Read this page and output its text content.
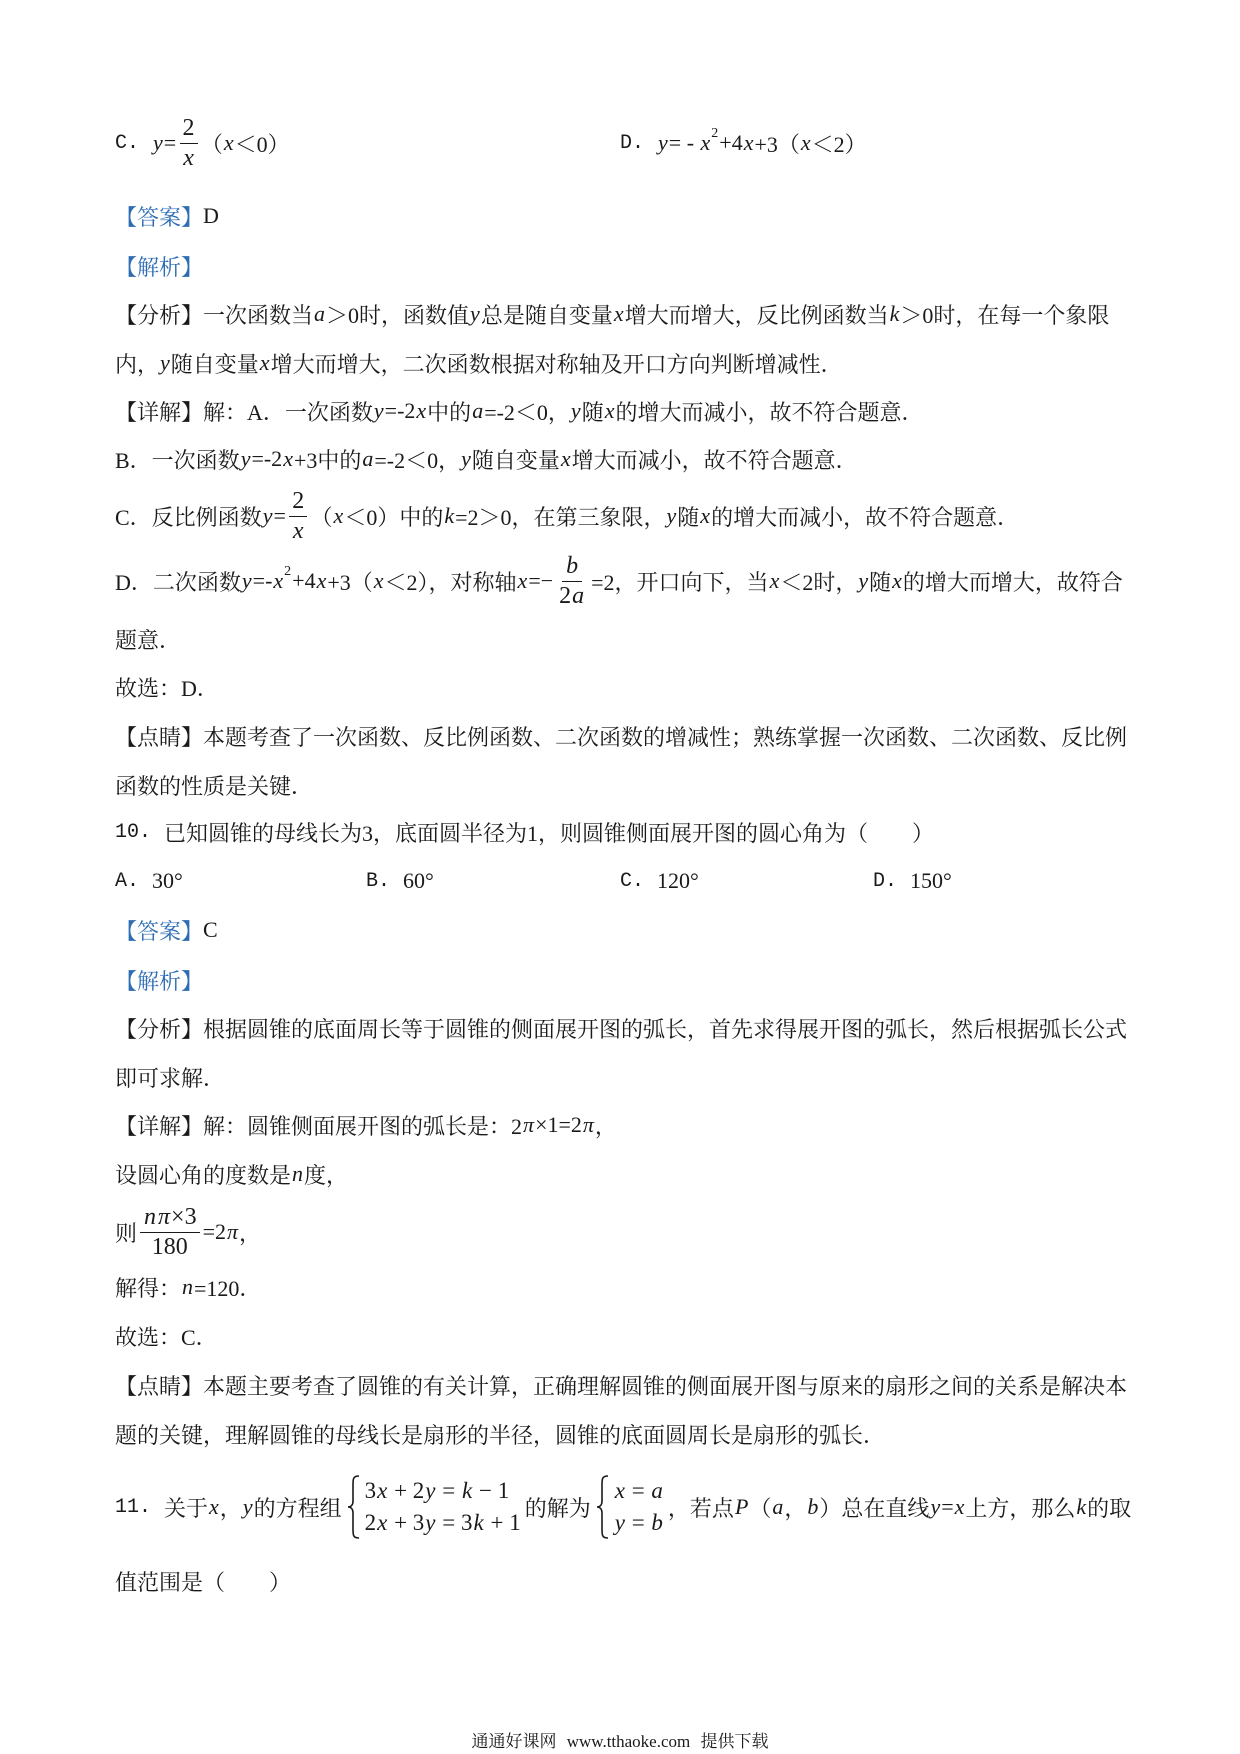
C. $y = \frac{2}{x}$ （ x ＜0）	D. y = - x 2 +4 x +3（ x ＜2）
【答案】 D
【解析】
【分析】 一次函数当 a ＞0时，函数值 y 总是随自变量 x 增大而增大，反比例函数当 k ＞0时，在每一个象限
内， y 随自变量 x 增大而增大，二次函数根据对称轴及开口方向判断增减性．
【详解】 解：A．一次函数 y =-2 x 中的 a =-2＜0， y 随 x 的增大而减小，故不符合题意．
B．一次函数 y =-2 x +3中的 a =-2＜0， y 随自变量 x 增大而减小，故不符合题意．
C．反比例函数 $y = \frac{2}{x}$ （ x ＜0）中的 k =2＞0，在第三象限， y 随 x 的增大而减小，故不符合题意．
D．二次函数 y =- x 2 +4 x +3（ x ＜2），对称轴 $x =- \frac{b}{2 a} =2$，开口向下，当 x ＜2时， y 随 x 的增大而增大，故符合
题意．
故选：D．
【点睛】 本题考查了一次函数、反比例函数、二次函数的增减性；熟练掌握一次函数、二次函数、反比例
函数的性质是关键．
10. 已知圆锥的母线长为3，底面圆半径为1，则圆锥侧面展开图的圆心角为（　　）
A. 30°	B. 60°	C. 120°	D. 150°
【答案】 C
【解析】
【分析】 根据圆锥的底面周长等于圆锥的侧面展开图的弧长，首先求得展开图的弧长，然后根据弧长公式
即可求解．
【详解】 解：圆锥侧面展开图的弧长是：2 π ×1=2 π ，
设圆心角的度数是 n 度，
则 $\frac{\text{n π ×3}}{180} =2$ π ，
解得： n =120．
故选：C．
【点睛】 本题主要考查了圆锥的有关计算，正确理解圆锥的侧面展开图与原来的扇形之间的关系是解决本
题的关键，理解圆锥的母线长是扇形的半径，圆锥的底面圆周长是扇形的弧长．
11. 关于 x ， y 的方程组
3 x + 2 y = k − 1
2 x + 3 y = 3 k + 1
的解为
x = a
y = b
，若点 P （ a ， b ）总在直线 y = x 上方，那么 k 的取
值范围是（　　）
通通好课网 www.tthaoke.com 提供下载
